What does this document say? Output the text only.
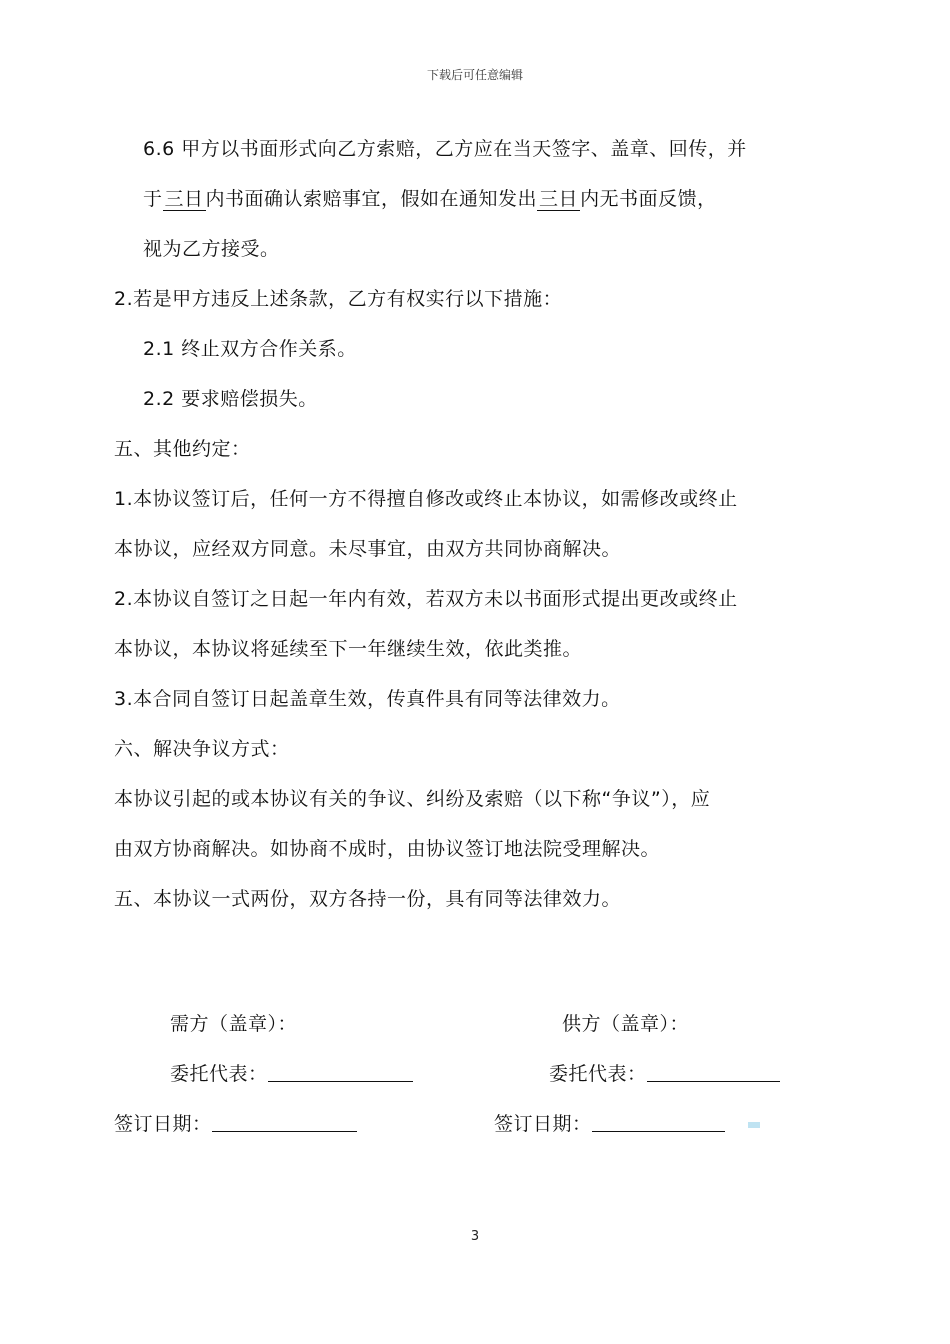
下载后可任意编辑
6.6 甲方以书面形式向乙方索赔，乙方应在当天签字、盖章、回传，并
于 三日 内书面确认索赔事宜，假如在通知发出 三日 内无书面反馈，
视为乙方接受。
2.若是甲方违反上述条款，乙方有权实行以下措施：
2.1 终止双方合作关系。
2.2 要求赔偿损失。
五、其他约定：
1.本协议签订后，任何一方不得擅自修改或终止本协议，如需修改或终止
本协议，应经双方同意。未尽事宜，由双方共同协商解决。
2.本协议自签订之日起一年内有效，若双方未以书面形式提出更改或终止
本协议，本协议将延续至下一年继续生效，依此类推。
3.本合同自签订日起盖章生效，传真件具有同等法律效力。
六、解决争议方式：
本协议引起的或本协议有关的争议、纠纷及索赔（以下称“争议”），应
由双方协商解决。如协商不成时，由协议签订地法院受理解决。
五、本协议一式两份，双方各持一份，具有同等法律效力。
需方（盖章）：	供方（盖章）：
委托代表：	委托代表：
签订日期：	签订日期：
3
